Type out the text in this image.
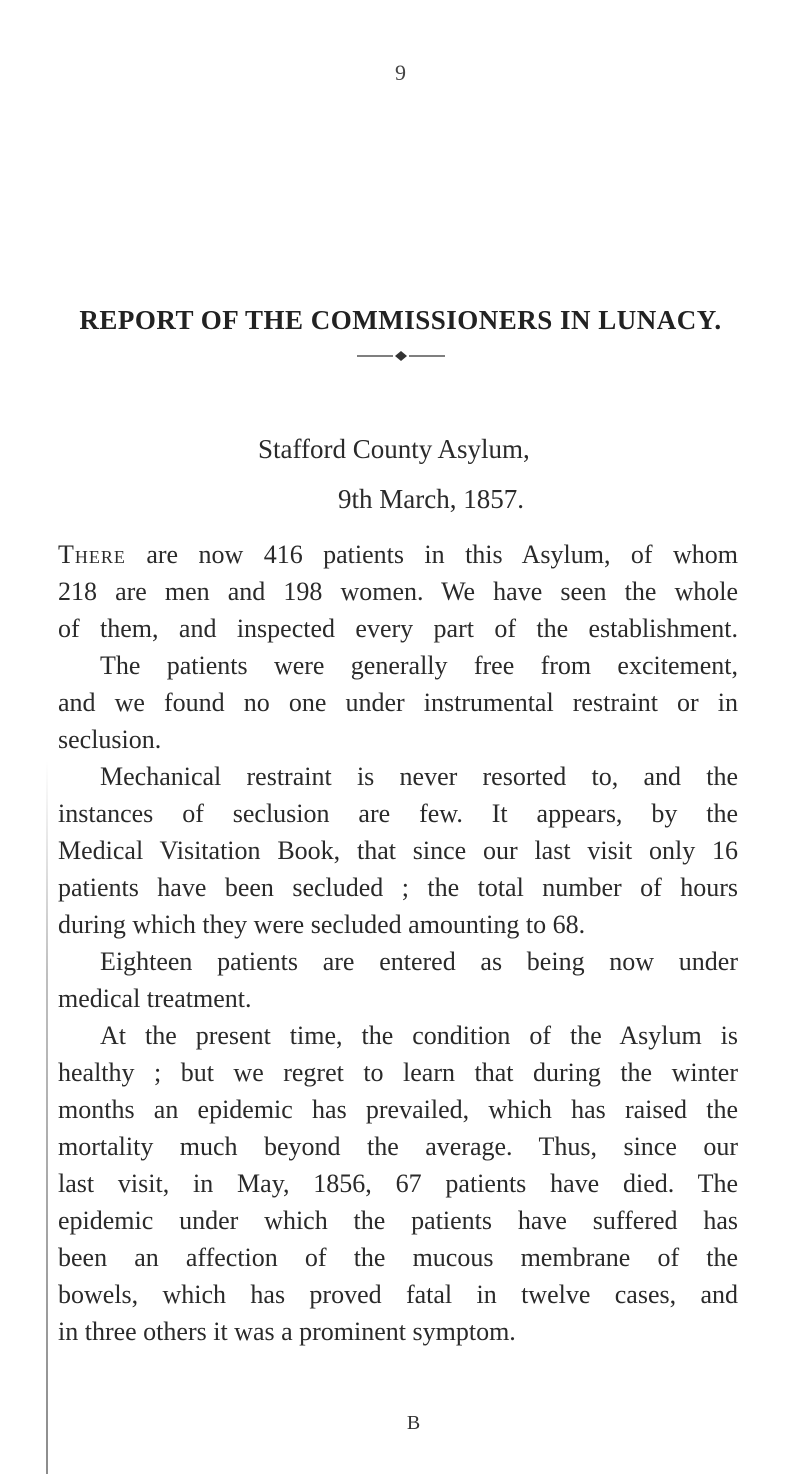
9
REPORT OF THE COMMISSIONERS IN LUNACY.
Stafford County Asylum,
9th March, 1857.
There are now 416 patients in this Asylum, of whom
218 are men and 198 women. We have seen the whole
of them, and inspected every part of the establishment.
The patients were generally free from excitement,
and we found no one under instrumental restraint or in
seclusion.
Mechanical restraint is never resorted to, and the
instances of seclusion are few. It appears, by the
Medical Visitation Book, that since our last visit only 16
patients have been secluded ; the total number of hours
during which they were secluded amounting to 68.
Eighteen patients are entered as being now under
medical treatment.
At the present time, the condition of the Asylum is
healthy ; but we regret to learn that during the winter
months an epidemic has prevailed, which has raised the
mortality much beyond the average. Thus, since our
last visit, in May, 1856, 67 patients have died. The
epidemic under which the patients have suffered has
been an affection of the mucous membrane of the
bowels, which has proved fatal in twelve cases, and
in three others it was a prominent symptom.
B
